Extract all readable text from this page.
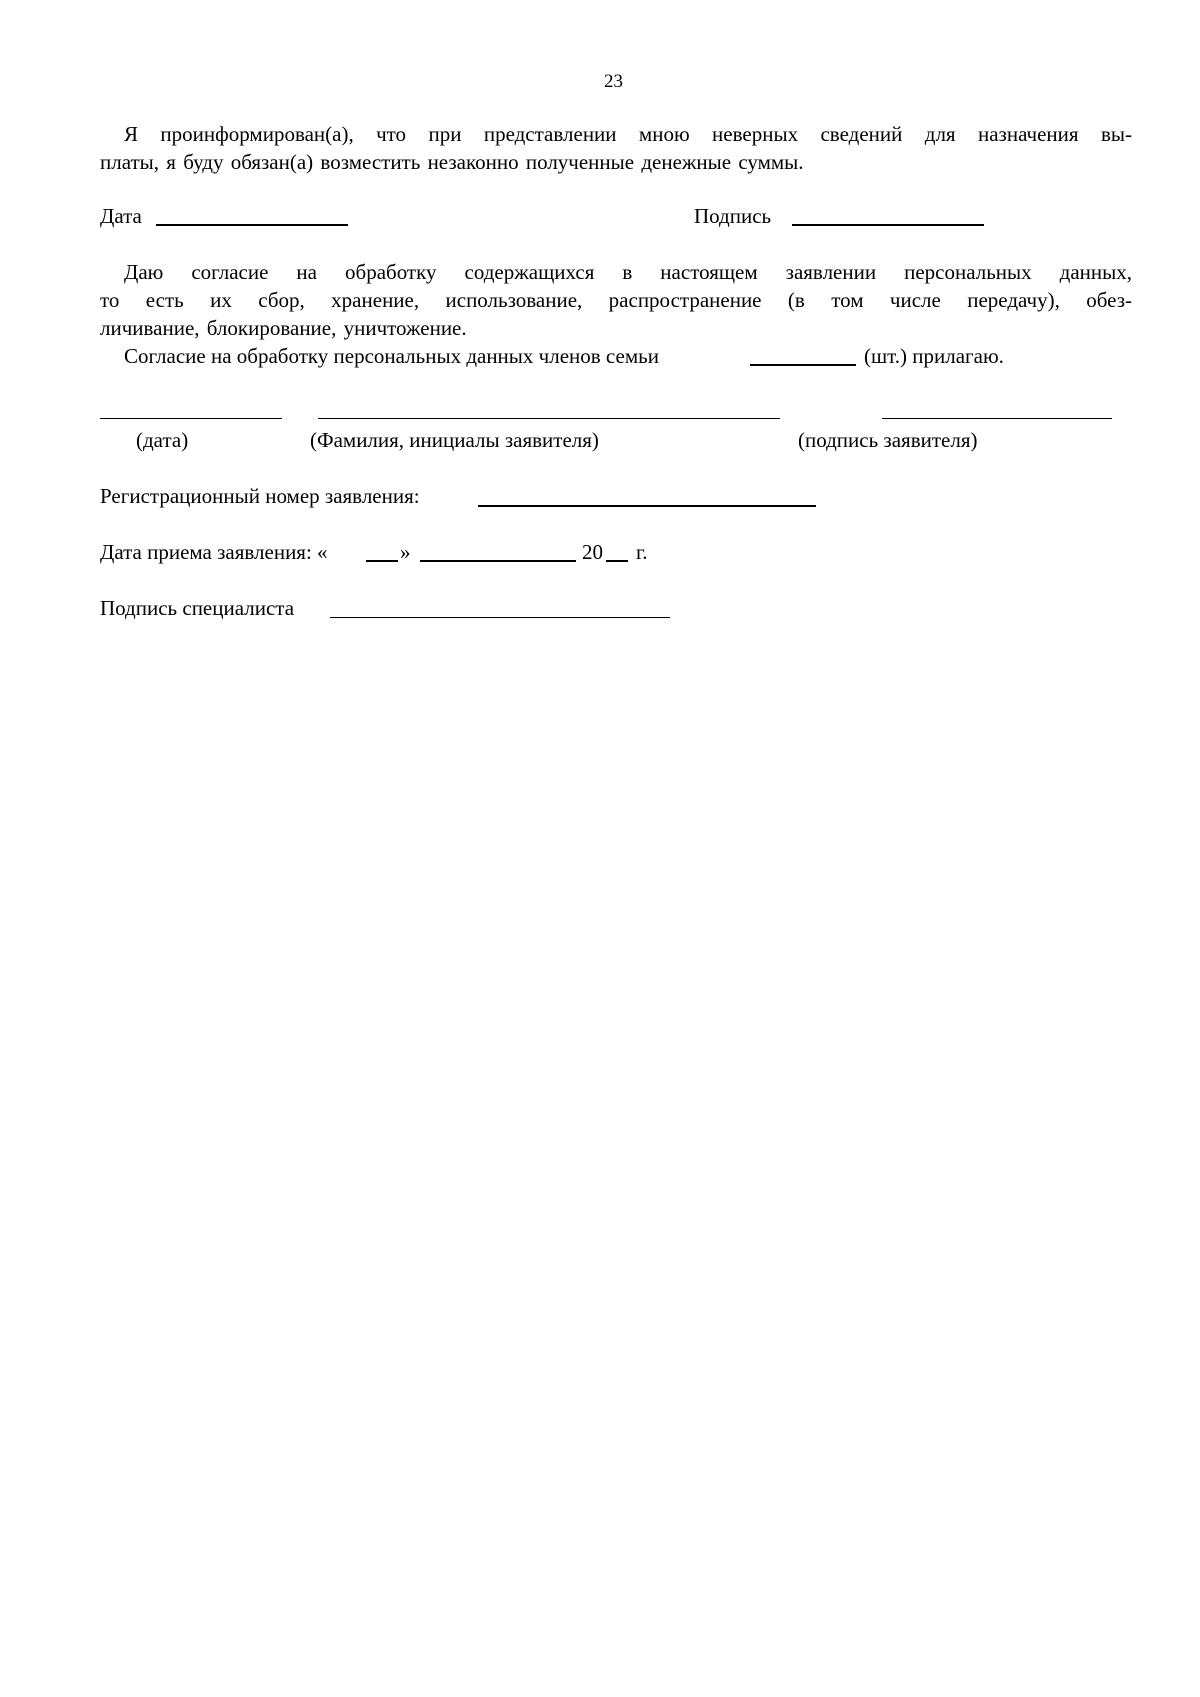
23
Я проинформирован(а), что при представлении мною неверных сведений для назначения вы-
платы, я буду обязан(а) возместить незаконно полученные денежные суммы.
Дата	Подпись
Даю согласие на обработку содержащихся в настоящем заявлении персональных данных,
то есть их сбор, хранение, использование, распространение (в том числе передачу), обез-
личивание, блокирование, уничтожение.
Согласие на обработку персональных данных членов семьи	(шт.) прилагаю.
(дата)	(Фамилия, инициалы заявителя)	(подпись заявителя)
Регистрационный номер заявления:
Дата приема заявления: «	»	20 г.
Подпись специалиста
